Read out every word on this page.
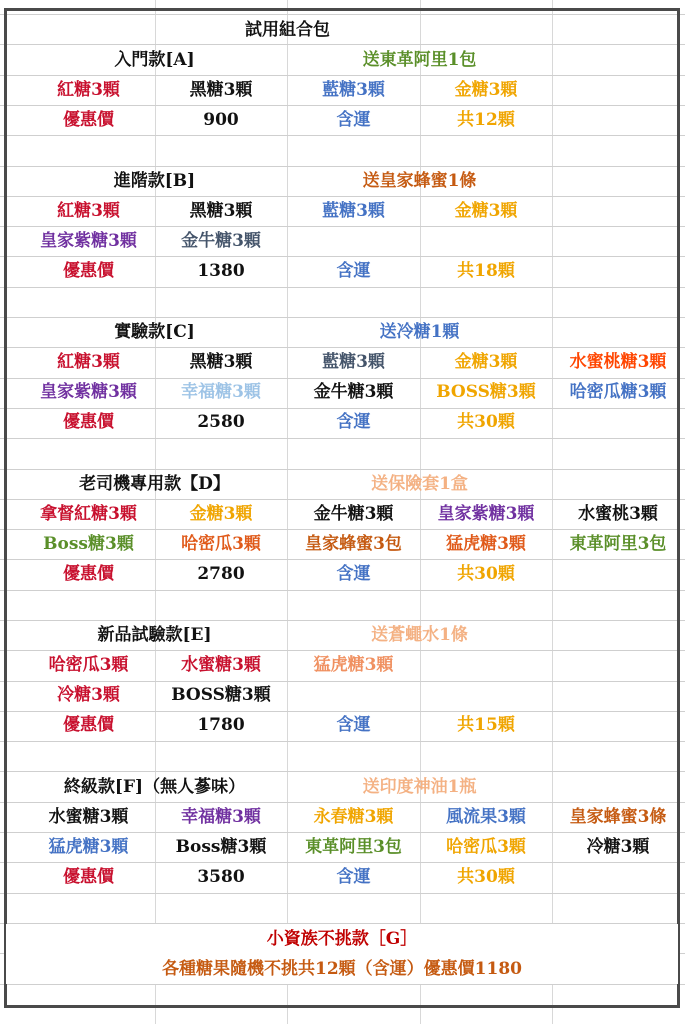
試用組合包
入門款[A]	送東革阿里1包
紅糖3顆	黑糖3顆	藍糖3顆	金糖3顆
優惠價	900	含運	共12顆
進階款[B]	送皇家蜂蜜1條
紅糖3顆	黑糖3顆	藍糖3顆	金糖3顆
皇家紫糖3顆	金牛糖3顆
優惠價	1380	含運	共18顆
實驗款[C]	送冷糖1顆
紅糖3顆	黑糖3顆	藍糖3顆	金糖3顆	水蜜桃糖3顆
皇家紫糖3顆	幸福糖3顆	金牛糖3顆	BOSS糖3顆	哈密瓜糖3顆
優惠價	2580	含運	共30顆
老司機專用款【D】	送保險套1盒
拿督紅糖3顆	金糖3顆	金牛糖3顆	皇家紫糖3顆	水蜜桃3顆
Boss糖3顆	哈密瓜3顆	皇家蜂蜜3包	猛虎糖3顆	東革阿里3包
優惠價	2780	含運	共30顆
新品試驗款[E]	送蒼蠅水1條
哈密瓜3顆	水蜜糖3顆	猛虎糖3顆
冷糖3顆	BOSS糖3顆
優惠價	1780	含運	共15顆
終級款[F]（無人蔘味）	送印度神油1瓶
水蜜糖3顆	幸福糖3顆	永春糖3顆	風流果3顆	皇家蜂蜜3條
猛虎糖3顆	Boss糖3顆	東革阿里3包	哈密瓜3顆	冷糖3顆
優惠價	3580	含運	共30顆
小資族不挑款［G］
各種糖果隨機不挑共12顆（含運）優惠價1180
